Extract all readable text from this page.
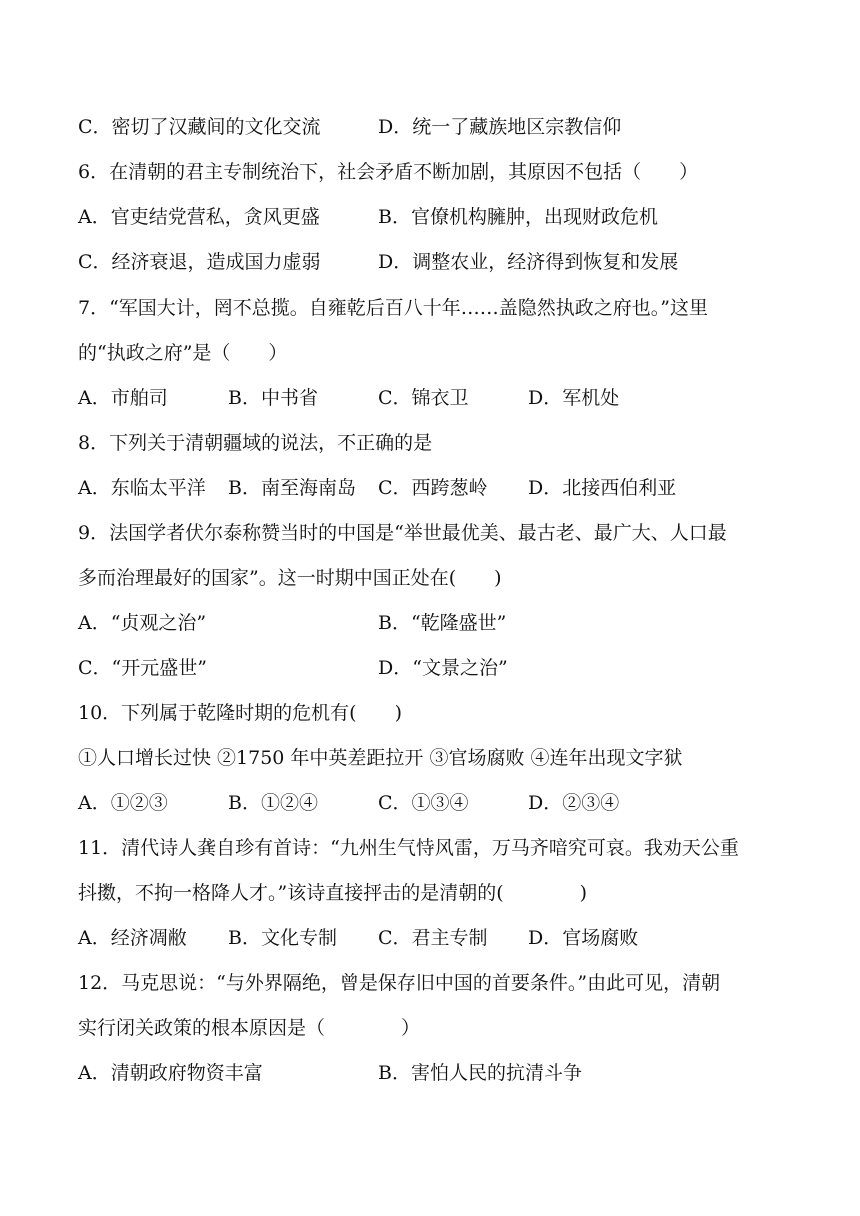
C．密切了汉藏间的文化交流	D．统一了藏族地区宗教信仰
6．在清朝的君主专制统治下，社会矛盾不断加剧，其原因不包括（　　）
A．官吏结党营私，贪风更盛	B．官僚机构臃肿，出现财政危机
C．经济衰退，造成国力虚弱	D．调整农业，经济得到恢复和发展
7．“军国大计，罔不总揽。自雍乾后百八十年……盖隐然执政之府也。”这里
的“执政之府”是（　　）
A．市舶司	B．中书省	C．锦衣卫	D．军机处
8．下列关于清朝疆域的说法，不正确的是
A．东临太平洋 B．南至海南岛 C．西跨葱岭 D．北接西伯利亚
9．法国学者伏尔泰称赞当时的中国是“举世最优美、最古老、最广大、人口最
多而治理最好的国家”。这一时期中国正处在(　　)
A．“贞观之治”	B．“乾隆盛世”
C．“开元盛世”	D．“文景之治”
10．下列属于乾隆时期的危机有(　　)
①人口增长过快 ②1750 年中英差距拉开 ③官场腐败 ④连年出现文字狱
A．①②③	B．①②④	C．①③④	D．②③④
11．清代诗人龚自珍有首诗：“九州生气恃风雷，万马齐喑究可哀。我劝天公重
抖擞，不拘一格降人才。”该诗直接抨击的是清朝的(　　　　)
A．经济凋敝 B．文化专制 C．君主专制 D．官场腐败
12．马克思说：“与外界隔绝，曾是保存旧中国的首要条件。”由此可见，清朝
实行闭关政策的根本原因是（　　　　）
A．清朝政府物资丰富	B．害怕人民的抗清斗争
